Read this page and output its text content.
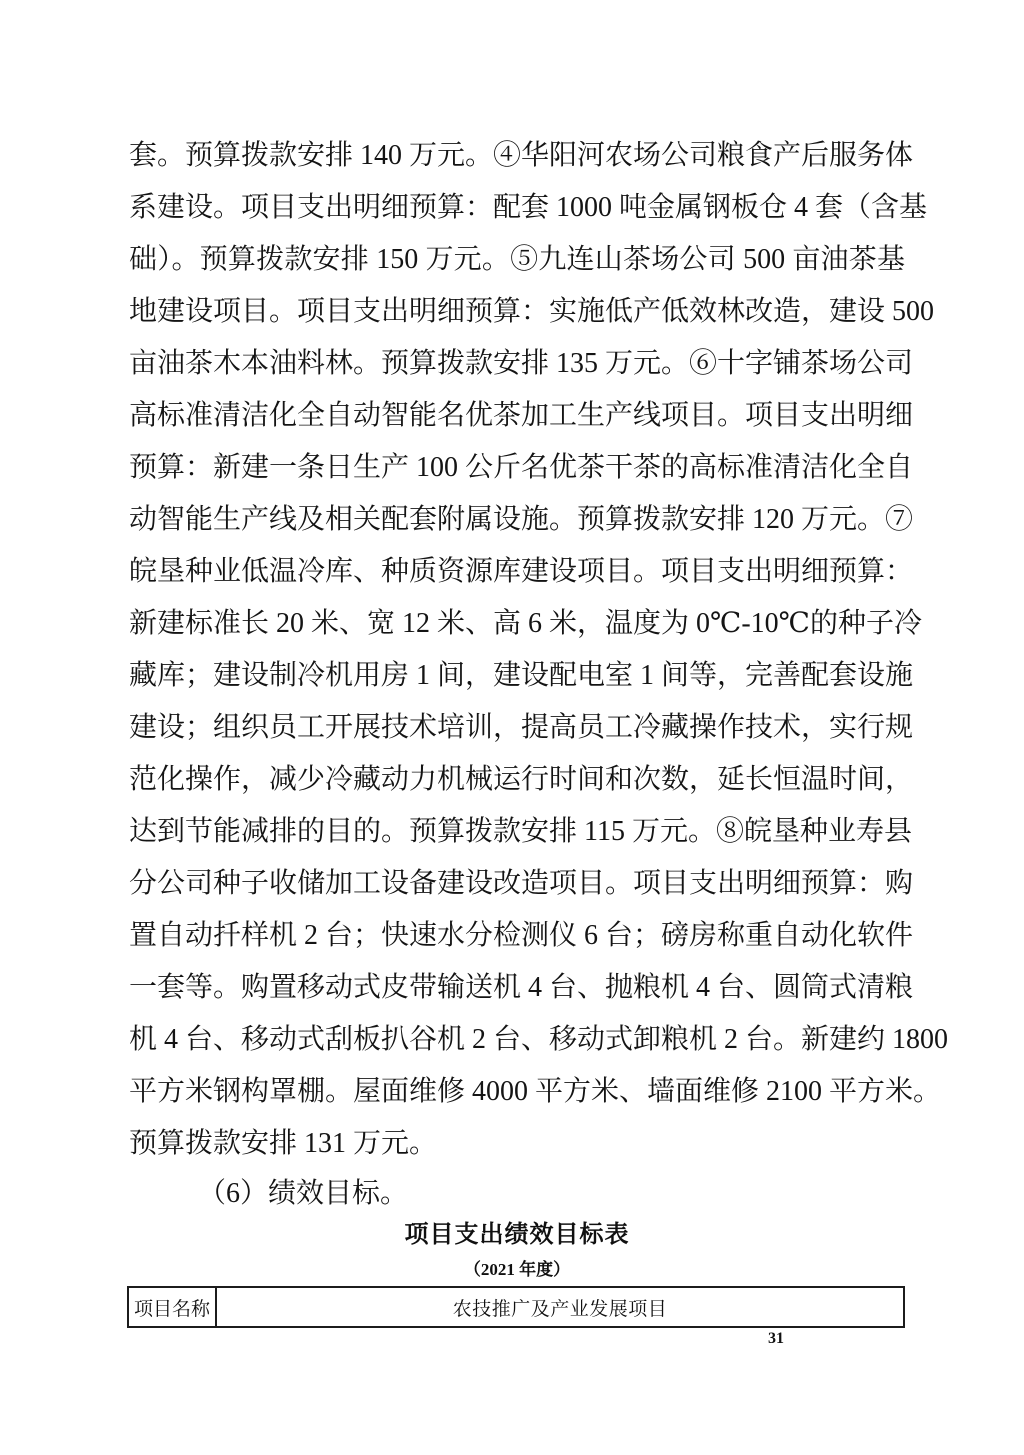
套。预算拨款安排 140 万元。④华阳河农场公司粮食产后服务体
系建设。项目支出明细预算：配套 1000 吨金属钢板仓 4 套（含基
础）。预算拨款安排 150 万元。⑤九连山茶场公司 500 亩油茶基
地建设项目。项目支出明细预算：实施低产低效林改造，建设 500
亩油茶木本油料林。预算拨款安排 135 万元。⑥十字铺茶场公司
高标准清洁化全自动智能名优茶加工生产线项目。项目支出明细
预算：新建一条日生产 100 公斤名优茶干茶的高标准清洁化全自
动智能生产线及相关配套附属设施。预算拨款安排 120 万元。⑦
皖垦种业低温冷库、种质资源库建设项目。项目支出明细预算：
新建标准长 20 米、宽 12 米、高 6 米，温度为 0℃-10℃的种子冷
藏库；建设制冷机用房 1 间，建设配电室 1 间等，完善配套设施
建设；组织员工开展技术培训，提高员工冷藏操作技术，实行规
范化操作，减少冷藏动力机械运行时间和次数，延长恒温时间，
达到节能减排的目的。预算拨款安排 115 万元。⑧皖垦种业寿县
分公司种子收储加工设备建设改造项目。项目支出明细预算：购
置自动扦样机 2 台；快速水分检测仪 6 台；磅房称重自动化软件
一套等。购置移动式皮带输送机 4 台、抛粮机 4 台、圆筒式清粮
机 4 台、移动式刮板扒谷机 2 台、移动式卸粮机 2 台。新建约 1800
平方米钢构罩棚。屋面维修 4000 平方米、墙面维修 2100 平方米。
预算拨款安排 131 万元。
（6）绩效目标。
项目支出绩效目标表
（2021 年度）
项目名称	农技推广及产业发展项目
31
